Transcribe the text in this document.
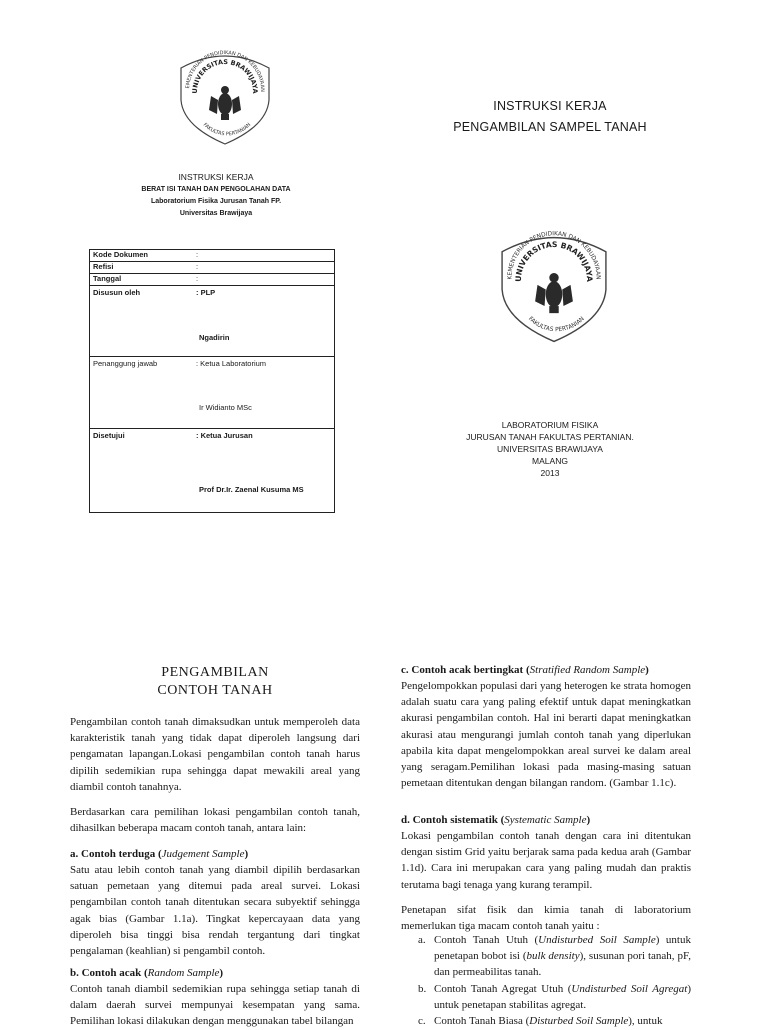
EMENTERIAN PENDIDIKAN DAN KEBUDAYAAN
UNIVERSITAS BRAWIJAYA
FAKULTAS PERTANIAN
KEMENTERIAN PENDIDIKAN DAN KEBUDAYAAN
UNIVERSITAS BRAWIJAYA
FAKULTAS PERTANIAN
INSTRUKSI KERJA
PENGAMBILAN SAMPEL TANAH
LABORATORIUM FISIKA
JURUSAN TANAH FAKULTAS PERTANIAN.
UNIVERSITAS BRAWIJAYA
MALANG
2013
INSTRUKSI KERJA
BERAT ISI TANAH DAN PENGOLAHAN DATA
Laboratorium Fisika Jurusan Tanah FP.
Universitas Brawijaya
Kode Dokumen	:
Refisi	:
Tanggal	:
Disusun oleh	: PLP
Ngadirin

Penanggung jawab	: Ketua Laboratorium
Ir Widianto MSc

Disetujui	: Ketua Jurusan
Prof Dr.Ir. Zaenal Kusuma MS
PENGAMBILAN
CONTOH TANAH
Pengambilan contoh tanah dimaksudkan untuk memperoleh data karakteristik tanah yang tidak dapat diperoleh langsung dari pengamatan lapangan.Lokasi pengambilan contoh tanah harus dipilih sedemikian rupa sehingga dapat mewakili areal yang diambil contoh tanahnya.
Berdasarkan cara pemilihan lokasi pengambilan contoh tanah, dihasilkan beberapa macam contoh tanah, antara lain:
a. Contoh terduga (Judgement Sample)
Satu atau lebih contoh tanah yang diambil dipilih berdasarkan satuan pemetaan yang ditemui pada areal survei. Lokasi pengambilan contoh tanah ditentukan secara subyektif sehingga agak bias (Gambar 1.1a). Tingkat kepercayaan data yang diperoleh bisa tinggi bisa rendah tergantung dari tingkat pengalaman (keahlian) si pengambil contoh.
b. Contoh acak (Random Sample)
Contoh tanah diambil sedemikian rupa sehingga setiap tanah di dalam daerah survei mempunyai kesempatan yang sama. Pemilihan lokasi dilakukan dengan menggunakan tabel bilangan
c. Contoh acak bertingkat (Stratified Random Sample)
Pengelompokkan populasi dari yang heterogen ke strata homogen adalah suatu cara yang paling efektif untuk dapat meningkatkan akurasi pengambilan contoh. Hal ini berarti dapat meningkatkan akurasi atau mengurangi jumlah contoh tanah yang diperlukan apabila kita dapat mengelompokkan areal survei ke dalam areal yang seragam.Pemilihan lokasi pada masing-masing satuan pemetaan ditentukan dengan bilangan random. (Gambar 1.1c).
d. Contoh sistematik (Systematic Sample)
Lokasi pengambilan contoh tanah dengan cara ini ditentukan dengan sistim Grid yaitu berjarak sama pada kedua arah (Gambar 1.1d). Cara ini merupakan cara yang paling mudah dan praktis terutama bagi tenaga yang kurang terampil.
Penetapan sifat fisik dan kimia tanah di laboratorium memerlukan tiga macam contoh tanah yaitu :
a. Contoh Tanah Utuh (Undisturbed Soil Sample) untuk penetapan bobot isi (bulk density), susunan pori tanah, pF, dan permeabilitas tanah.
b. Contoh Tanah Agregat Utuh (Undisturbed Soil Agregat) untuk penetapan stabilitas agregat.
c. Contoh Tanah Biasa (Disturbed Soil Sample), untuk
